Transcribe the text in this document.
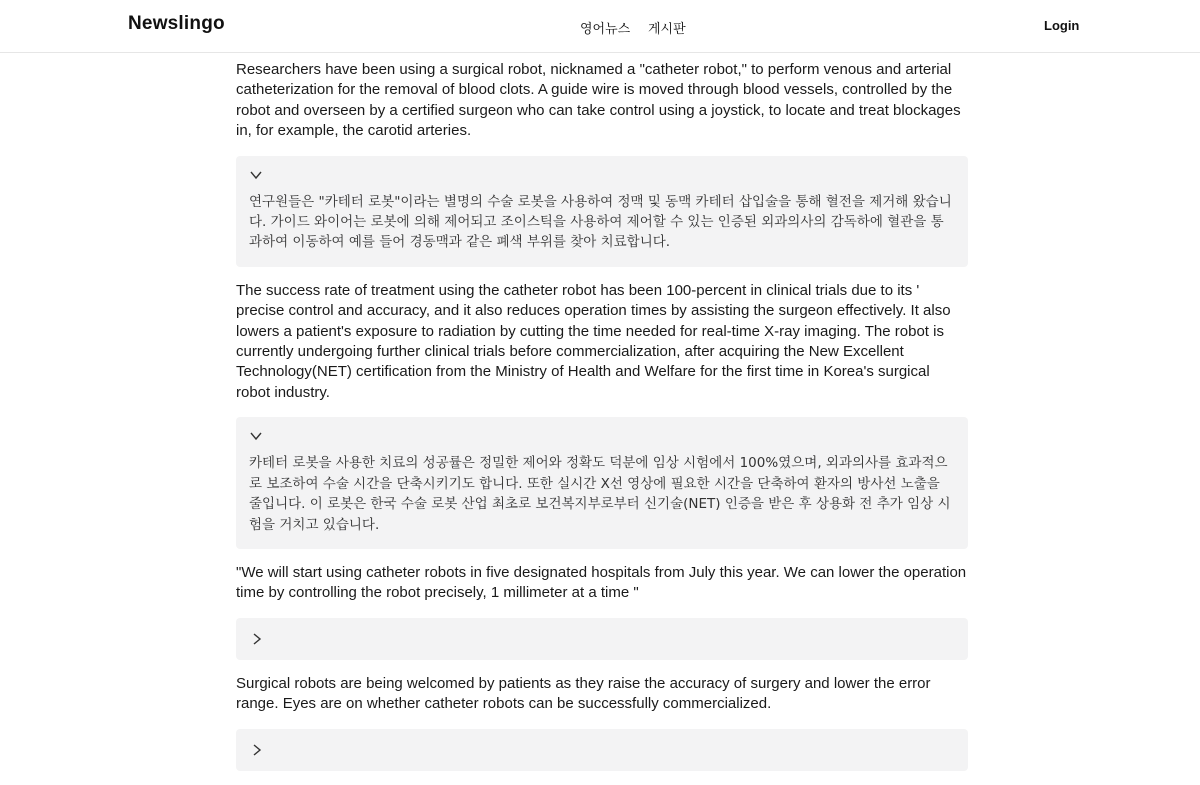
Newslingo	영어뉴스 게시판	Login

Researchers have been using a surgical robot, nicknamed a "catheter robot," to perform venous and arterial catheterization for the removal of blood clots. A guide wire is moved through blood vessels, controlled by the robot and overseen by a certified surgeon who can take control using a joystick, to locate and treat blockages in, for example, the carotid arteries.

연구원들은 "카테터 로봇"이라는 별명의 수술 로봇을 사용하여 정맥 및 동맥 카테터 삽입술을 통해 혈전을 제거해 왔습니다. 가이드 와이어는 로봇에 의해 제어되고 조이스틱을 사용하여 제어할 수 있는 인증된 외과의사의 감독하에 혈관을 통과하여 이동하여 예를 들어 경동맥과 같은 폐색 부위를 찾아 치료합니다.

The success rate of treatment using the catheter robot has been 100-percent in clinical trials due to its ' precise control and accuracy, and it also reduces operation times by assisting the surgeon effectively. It also lowers a patient's exposure to radiation by cutting the time needed for real-time X-ray imaging. The robot is currently undergoing further clinical trials before commercialization, after acquiring the New Excellent Technology(NET) certification from the Ministry of Health and Welfare for the first time in Korea's surgical robot industry.

카테터 로봇을 사용한 치료의 성공률은 정밀한 제어와 정확도 덕분에 임상 시험에서 100%였으며, 외과의사를 효과적으로 보조하여 수술 시간을 단축시키기도 합니다. 또한 실시간 X선 영상에 필요한 시간을 단축하여 환자의 방사선 노출을 줄입니다. 이 로봇은 한국 수술 로봇 산업 최초로 보건복지부로부터 신기술(NET) 인증을 받은 후 상용화 전 추가 임상 시험을 거치고 있습니다.

"We will start using catheter robots in five designated hospitals from July this year. We can lower the operation time by controlling the robot precisely, 1 millimeter at a time "

Surgical robots are being welcomed by patients as they raise the accuracy of surgery and lower the error range. Eyes are on whether catheter robots can be successfully commercialized.
